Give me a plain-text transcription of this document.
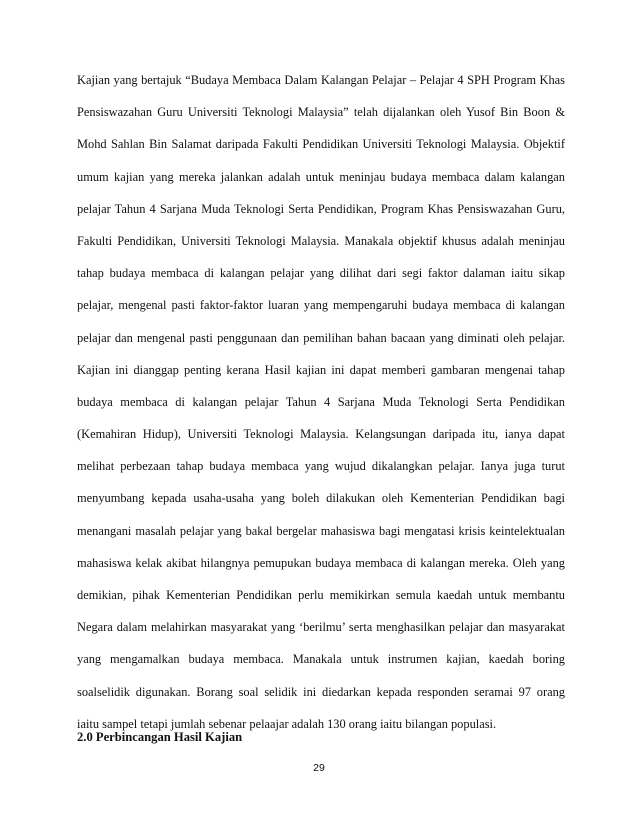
Kajian yang bertajuk “Budaya Membaca Dalam Kalangan Pelajar – Pelajar 4 SPH Program Khas
Pensiswazahan Guru Universiti Teknologi Malaysia” telah dijalankan oleh Yusof Bin Boon &
Mohd Sahlan Bin Salamat daripada Fakulti Pendidikan Universiti Teknologi Malaysia. Objektif
umum kajian yang mereka jalankan adalah untuk meninjau budaya membaca dalam kalangan
pelajar Tahun 4 Sarjana Muda Teknologi Serta Pendidikan, Program Khas Pensiswazahan Guru,
Fakulti Pendidikan, Universiti Teknologi Malaysia. Manakala objektif khusus adalah meninjau
tahap budaya membaca di kalangan pelajar yang dilihat dari segi faktor dalaman iaitu sikap
pelajar, mengenal pasti faktor-faktor luaran yang mempengaruhi budaya membaca di kalangan
pelajar dan mengenal pasti penggunaan dan pemilihan bahan bacaan yang diminati oleh pelajar.
Kajian ini dianggap penting kerana Hasil kajian ini dapat memberi gambaran mengenai tahap
budaya membaca di kalangan pelajar Tahun 4 Sarjana Muda Teknologi Serta Pendidikan
(Kemahiran Hidup), Universiti Teknologi Malaysia. Kelangsungan daripada itu, ianya dapat
melihat perbezaan tahap budaya membaca yang wujud dikalangkan pelajar. Ianya juga turut
menyumbang kepada usaha-usaha yang boleh dilakukan oleh Kementerian Pendidikan bagi
menangani masalah pelajar yang bakal bergelar mahasiswa bagi mengatasi krisis keintelektualan
mahasiswa kelak akibat hilangnya pemupukan budaya membaca di kalangan mereka. Oleh yang
demikian, pihak Kementerian Pendidikan perlu memikirkan semula kaedah untuk membantu
Negara dalam melahirkan masyarakat yang ‘berilmu’ serta menghasilkan pelajar dan masyarakat
yang mengamalkan budaya membaca. Manakala untuk instrumen kajian, kaedah boring
soalselidik digunakan. Borang soal selidik ini diedarkan kepada responden seramai 97 orang
iaitu sampel tetapi jumlah sebenar pelaajar adalah 130 orang iaitu bilangan populasi.

2.0 Perbincangan Hasil Kajian

29
